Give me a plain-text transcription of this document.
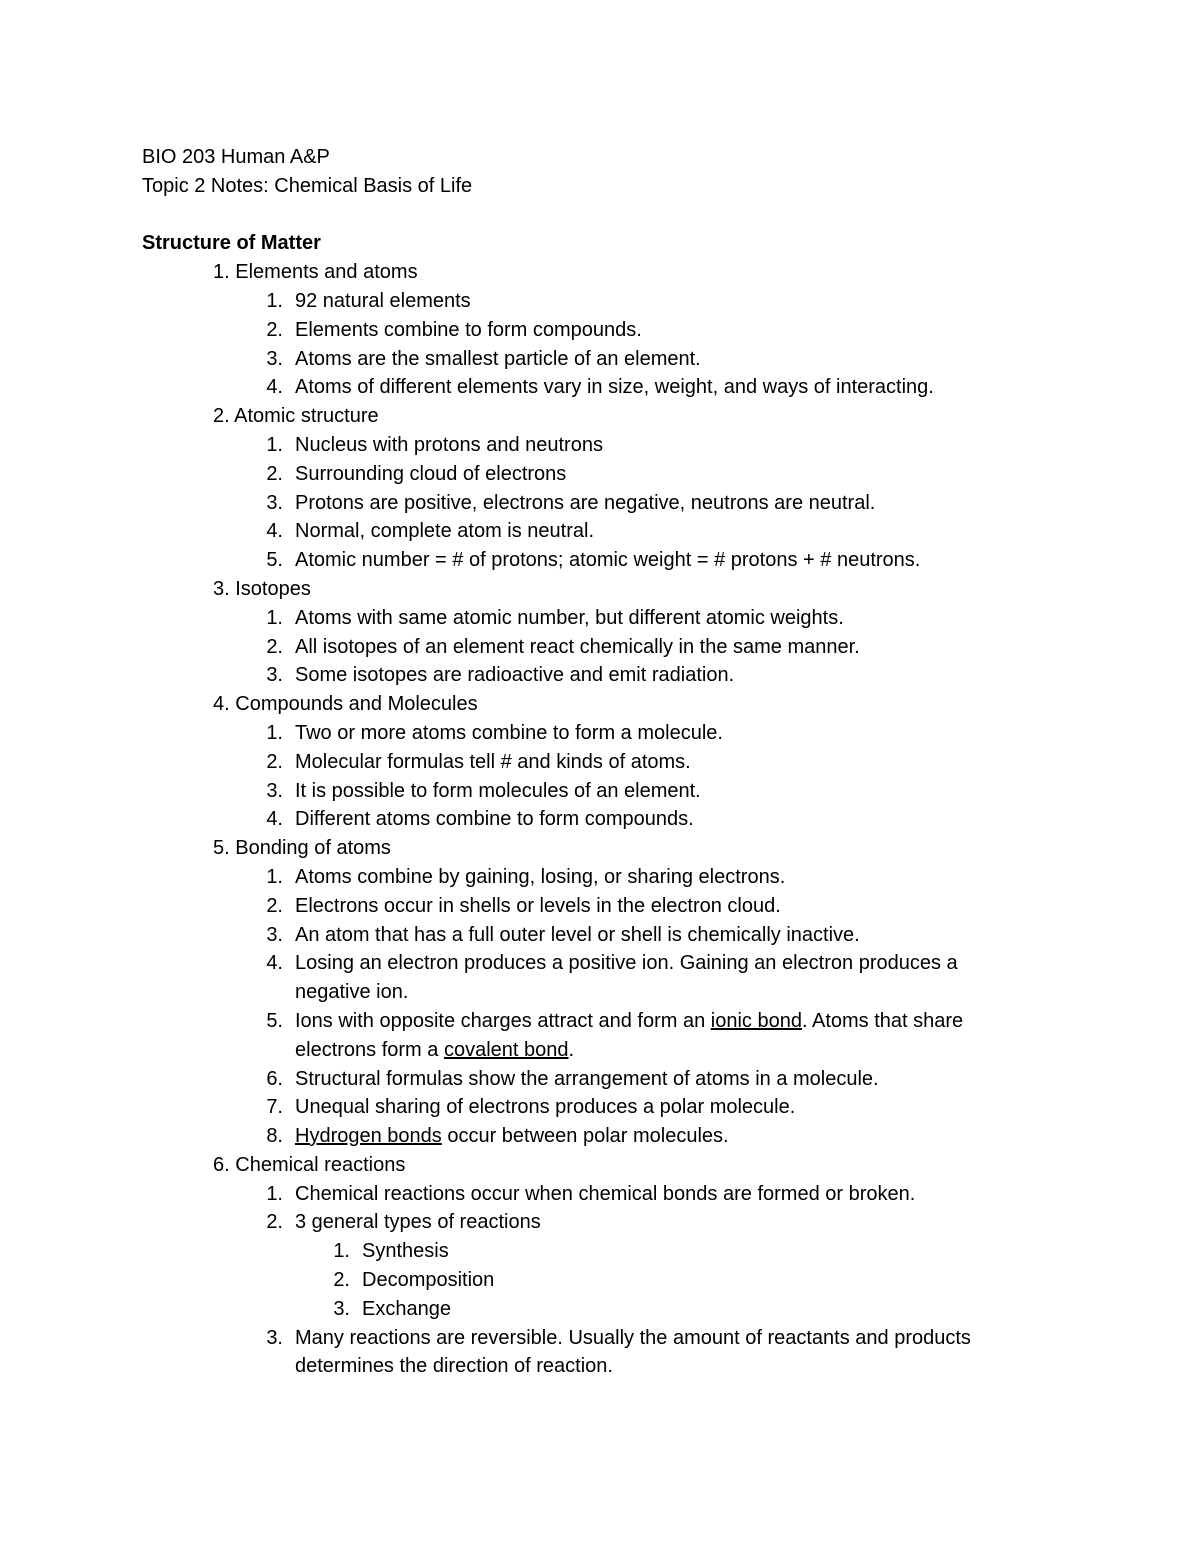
BIO 203 Human A&P
Topic 2 Notes: Chemical Basis of Life
Structure of Matter
1. Elements and atoms
1. 92 natural elements
2. Elements combine to form compounds.
3. Atoms are the smallest particle of an element.
4. Atoms of different elements vary in size, weight, and ways of interacting.
2. Atomic structure
1. Nucleus with protons and neutrons
2. Surrounding cloud of electrons
3. Protons are positive, electrons are negative, neutrons are neutral.
4. Normal, complete atom is neutral.
5. Atomic number = # of protons; atomic weight = # protons + # neutrons.
3. Isotopes
1. Atoms with same atomic number, but different atomic weights.
2. All isotopes of an element react chemically in the same manner.
3. Some isotopes are radioactive and emit radiation.
4. Compounds and Molecules
1. Two or more atoms combine to form a molecule.
2. Molecular formulas tell # and kinds of atoms.
3. It is possible to form molecules of an element.
4. Different atoms combine to form compounds.
5. Bonding of atoms
1. Atoms combine by gaining, losing, or sharing electrons.
2. Electrons occur in shells or levels in the electron cloud.
3. An atom that has a full outer level or shell is chemically inactive.
4. Losing an electron produces a positive ion. Gaining an electron produces a negative ion.
5. Ions with opposite charges attract and form an ionic bond. Atoms that share electrons form a covalent bond.
6. Structural formulas show the arrangement of atoms in a molecule.
7. Unequal sharing of electrons produces a polar molecule.
8. Hydrogen bonds occur between polar molecules.
6. Chemical reactions
1. Chemical reactions occur when chemical bonds are formed or broken.
2. 3 general types of reactions
1. Synthesis
2. Decomposition
3. Exchange
3. Many reactions are reversible. Usually the amount of reactants and products determines the direction of reaction.
